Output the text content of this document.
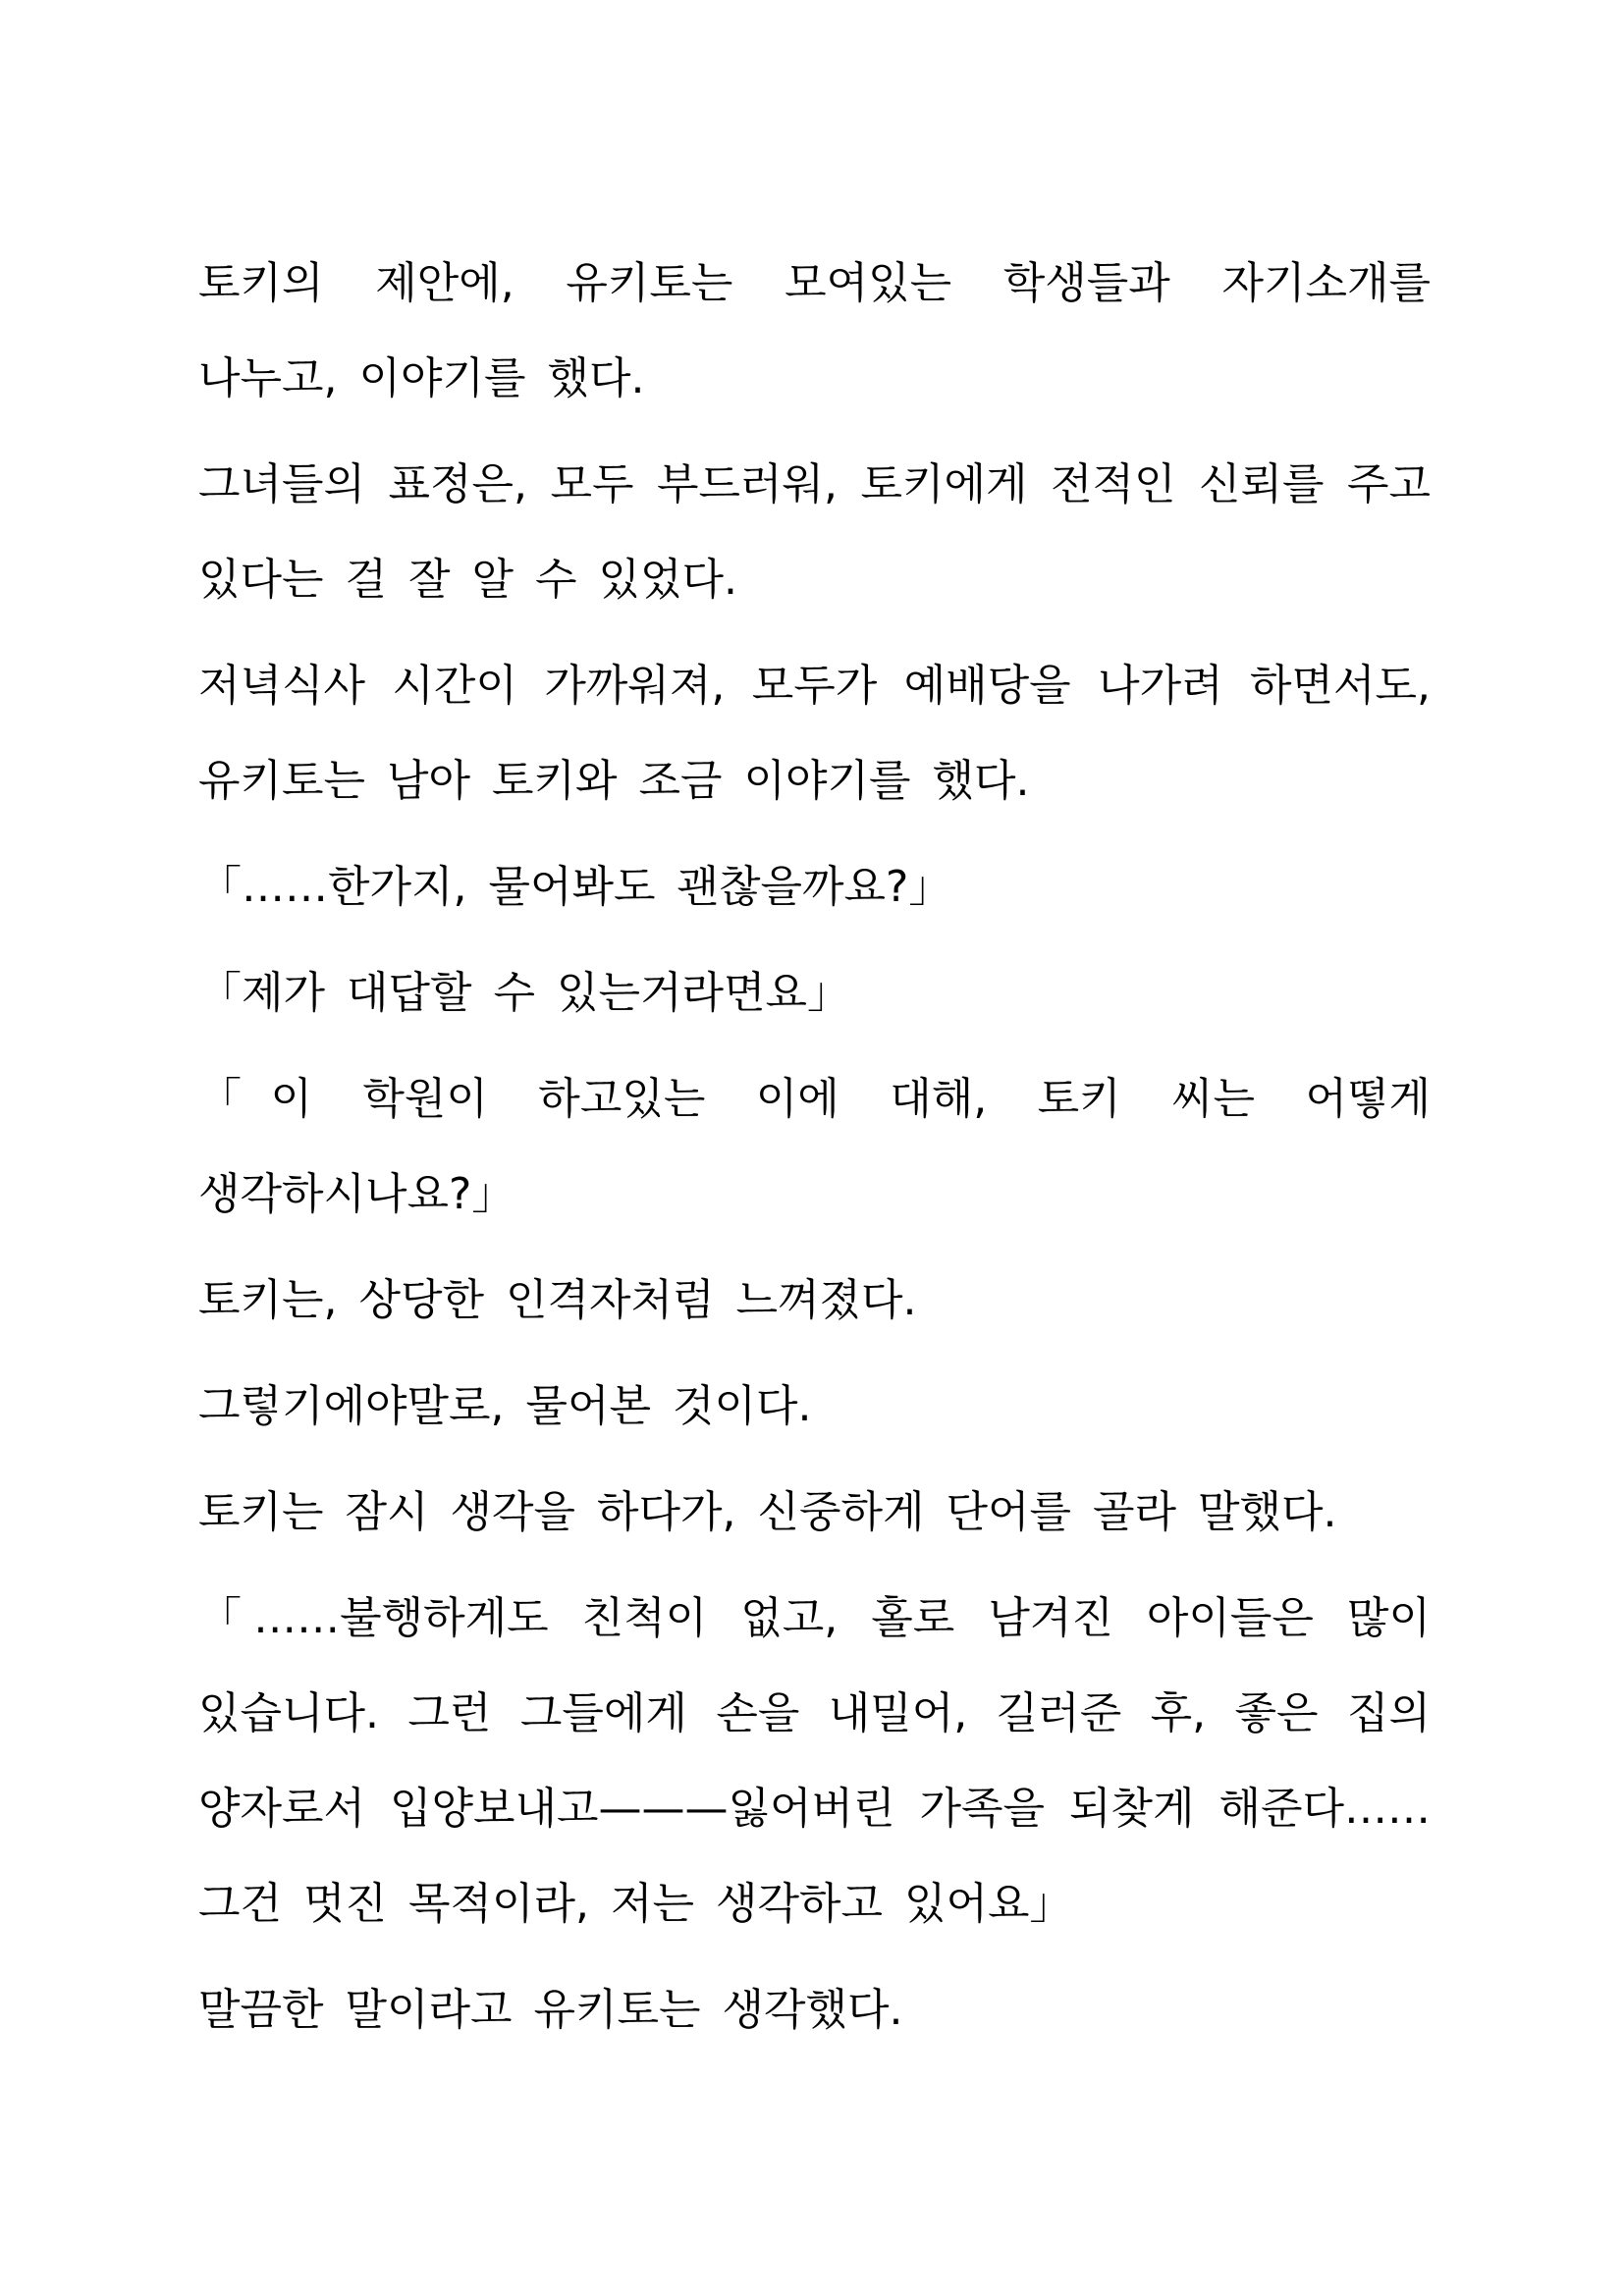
토키의 제안에, 유키토는 모여있는 학생들과 자기소개를 나누고, 이야기를 했다.

그녀들의 표정은, 모두 부드러워, 토키에게 전적인 신뢰를 주고 있다는 걸 잘 알 수 있었다.

저녁식사 시간이 가까워져, 모두가 예배당을 나가려 하면서도, 유키토는 남아 토키와 조금 이야기를 했다.

「……한가지, 물어봐도 괜찮을까요?」

「제가 대답할 수 있는거라면요」

「이 학원이 하고있는 이에 대해, 토키 씨는 어떻게 생각하시나요?」

토키는, 상당한 인격자처럼 느껴졌다.

그렇기에야말로, 물어본 것이다.

토키는 잠시 생각을 하다가, 신중하게 단어를 골라 말했다.

「……불행하게도 친척이 없고, 홀로 남겨진 아이들은 많이 있습니다. 그런 그들에게 손을 내밀어, 길러준 후, 좋은 집의 양자로서 입양보내고———잃어버린 가족을 되찾게 해준다…… 그건 멋진 목적이라, 저는 생각하고 있어요」

말끔한 말이라고 유키토는 생각했다.
